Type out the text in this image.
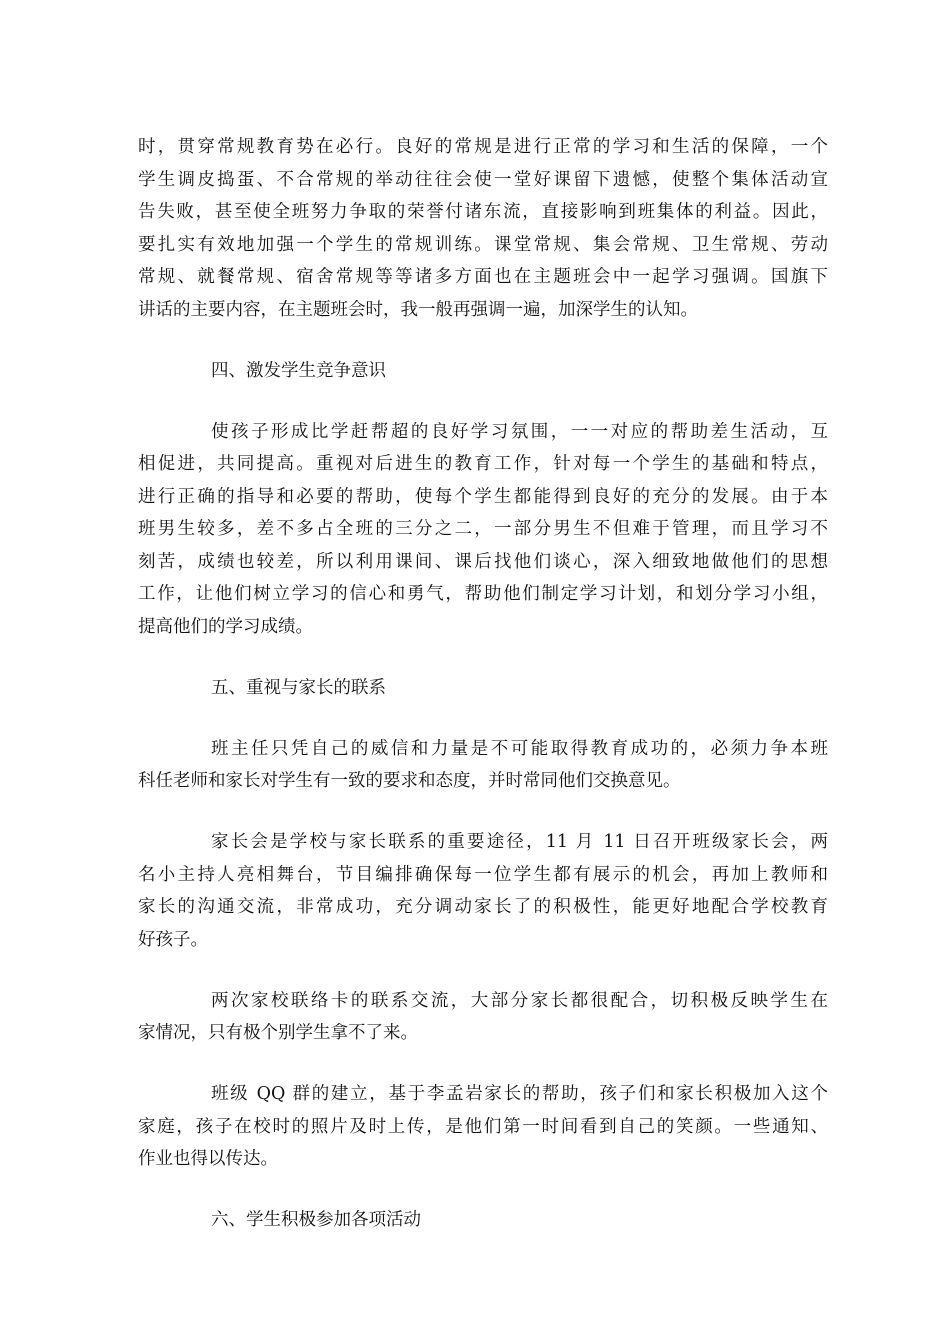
时，贯穿常规教育势在必行。良好的常规是进行正常的学习和生活的保障，一个
学生调皮捣蛋、不合常规的举动往往会使一堂好课留下遗憾，使整个集体活动宣
告失败，甚至使全班努力争取的荣誉付诸东流，直接影响到班集体的利益。因此，
要扎实有效地加强一个学生的常规训练。课堂常规、集会常规、卫生常规、劳动
常规、就餐常规、宿舍常规等等诸多方面也在主题班会中一起学习强调。国旗下
讲话的主要内容，在主题班会时，我一般再强调一遍，加深学生的认知。
四、激发学生竞争意识
使孩子形成比学赶帮超的良好学习氛围，一一对应的帮助差生活动，互
相促进，共同提高。重视对后进生的教育工作，针对每一个学生的基础和特点，
进行正确的指导和必要的帮助，使每个学生都能得到良好的充分的发展。由于本
班男生较多，差不多占全班的三分之二，一部分男生不但难于管理，而且学习不
刻苦，成绩也较差，所以利用课间、课后找他们谈心，深入细致地做他们的思想
工作，让他们树立学习的信心和勇气，帮助他们制定学习计划，和划分学习小组，
提高他们的学习成绩。
五、重视与家长的联系
班主任只凭自己的威信和力量是不可能取得教育成功的，必须力争本班
科任老师和家长对学生有一致的要求和态度，并时常同他们交换意见。
家长会是学校与家长联系的重要途径，11 月 11 日召开班级家长会，两
名小主持人亮相舞台，节目编排确保每一位学生都有展示的机会，再加上教师和
家长的沟通交流，非常成功，充分调动家长了的积极性，能更好地配合学校教育
好孩子。
两次家校联络卡的联系交流，大部分家长都很配合，切积极反映学生在
家情况，只有极个别学生拿不了来。
班级 QQ 群的建立，基于李孟岩家长的帮助，孩子们和家长积极加入这个
家庭，孩子在校时的照片及时上传，是他们第一时间看到自己的笑颜。一些通知、
作业也得以传达。
六、学生积极参加各项活动
